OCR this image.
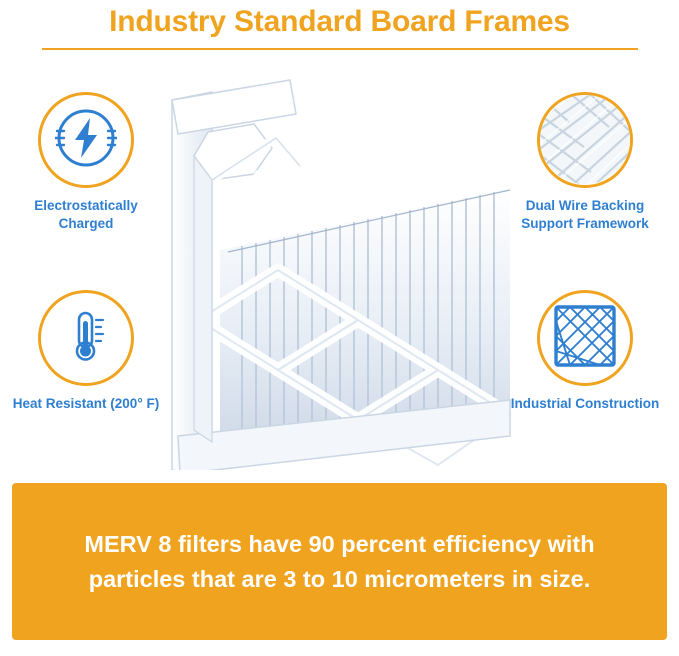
Industry Standard Board Frames
Electrostatically Charged
Heat Resistant (200° F)
Dual Wire Backing Support Framework
Industrial Construction
MERV 8 filters have 90 percent efficiency with particles that are 3 to 10 micrometers in size.
